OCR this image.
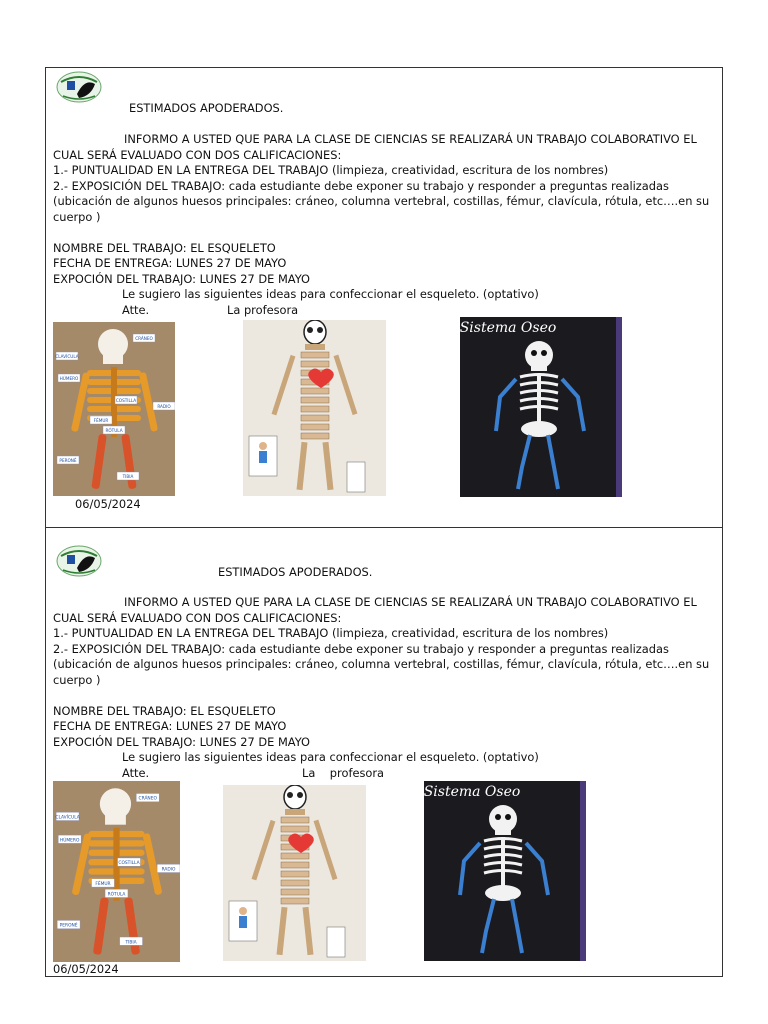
ESTIMADOS APODERADOS.

INFORMO A USTED QUE PARA LA CLASE DE CIENCIAS SE REALIZARÁ UN TRABAJO COLABORATIVO EL

CUAL SERÁ EVALUADO CON DOS CALIFICACIONES:

1.- PUNTUALIDAD EN LA ENTREGA DEL TRABAJO (limpieza, creatividad, escritura de los nombres)

2.- EXPOSICIÓN DEL TRABAJO: cada estudiante debe exponer su trabajo y responder a preguntas realizadas (ubicación de algunos huesos principales: cráneo, columna vertebral, costillas, fémur, clavícula, rótula, etc….en su cuerpo )

NOMBRE DEL TRABAJO: EL ESQUELETO

FECHA DE ENTREGA: LUNES 27 DE MAYO

EXPOCIÓN DEL TRABAJO: LUNES 27 DE MAYO

Le sugiero las siguientes ideas para confeccionar el esqueleto. (optativo)

Atte.	La profesora
CRÁNEO
CLAVÍCULA
HÚMERO
COSTILLA
RADIO
FÉMUR
RÓTULA
PERONÉ
TIBIA
Sistema Oseo
06/05/2024
ESTIMADOS APODERADOS.

INFORMO A USTED QUE PARA LA CLASE DE CIENCIAS SE REALIZARÁ UN TRABAJO COLABORATIVO EL

CUAL SERÁ EVALUADO CON DOS CALIFICACIONES:

1.- PUNTUALIDAD EN LA ENTREGA DEL TRABAJO (limpieza, creatividad, escritura de los nombres)

2.- EXPOSICIÓN DEL TRABAJO: cada estudiante debe exponer su trabajo y responder a preguntas realizadas (ubicación de algunos huesos principales: cráneo, columna vertebral, costillas, fémur, clavícula, rótula, etc….en su cuerpo )

NOMBRE DEL TRABAJO: EL ESQUELETO

FECHA DE ENTREGA: LUNES 27 DE MAYO

EXPOCIÓN DEL TRABAJO: LUNES 27 DE MAYO

Le sugiero las siguientes ideas para confeccionar el esqueleto. (optativo)

Atte.	La    profesora
CRÁNEO
CLAVÍCULA
HÚMERO
COSTILLA
RADIO
FÉMUR
RÓTULA
PERONÉ
TIBIA
Sistema Oseo
06/05/2024
